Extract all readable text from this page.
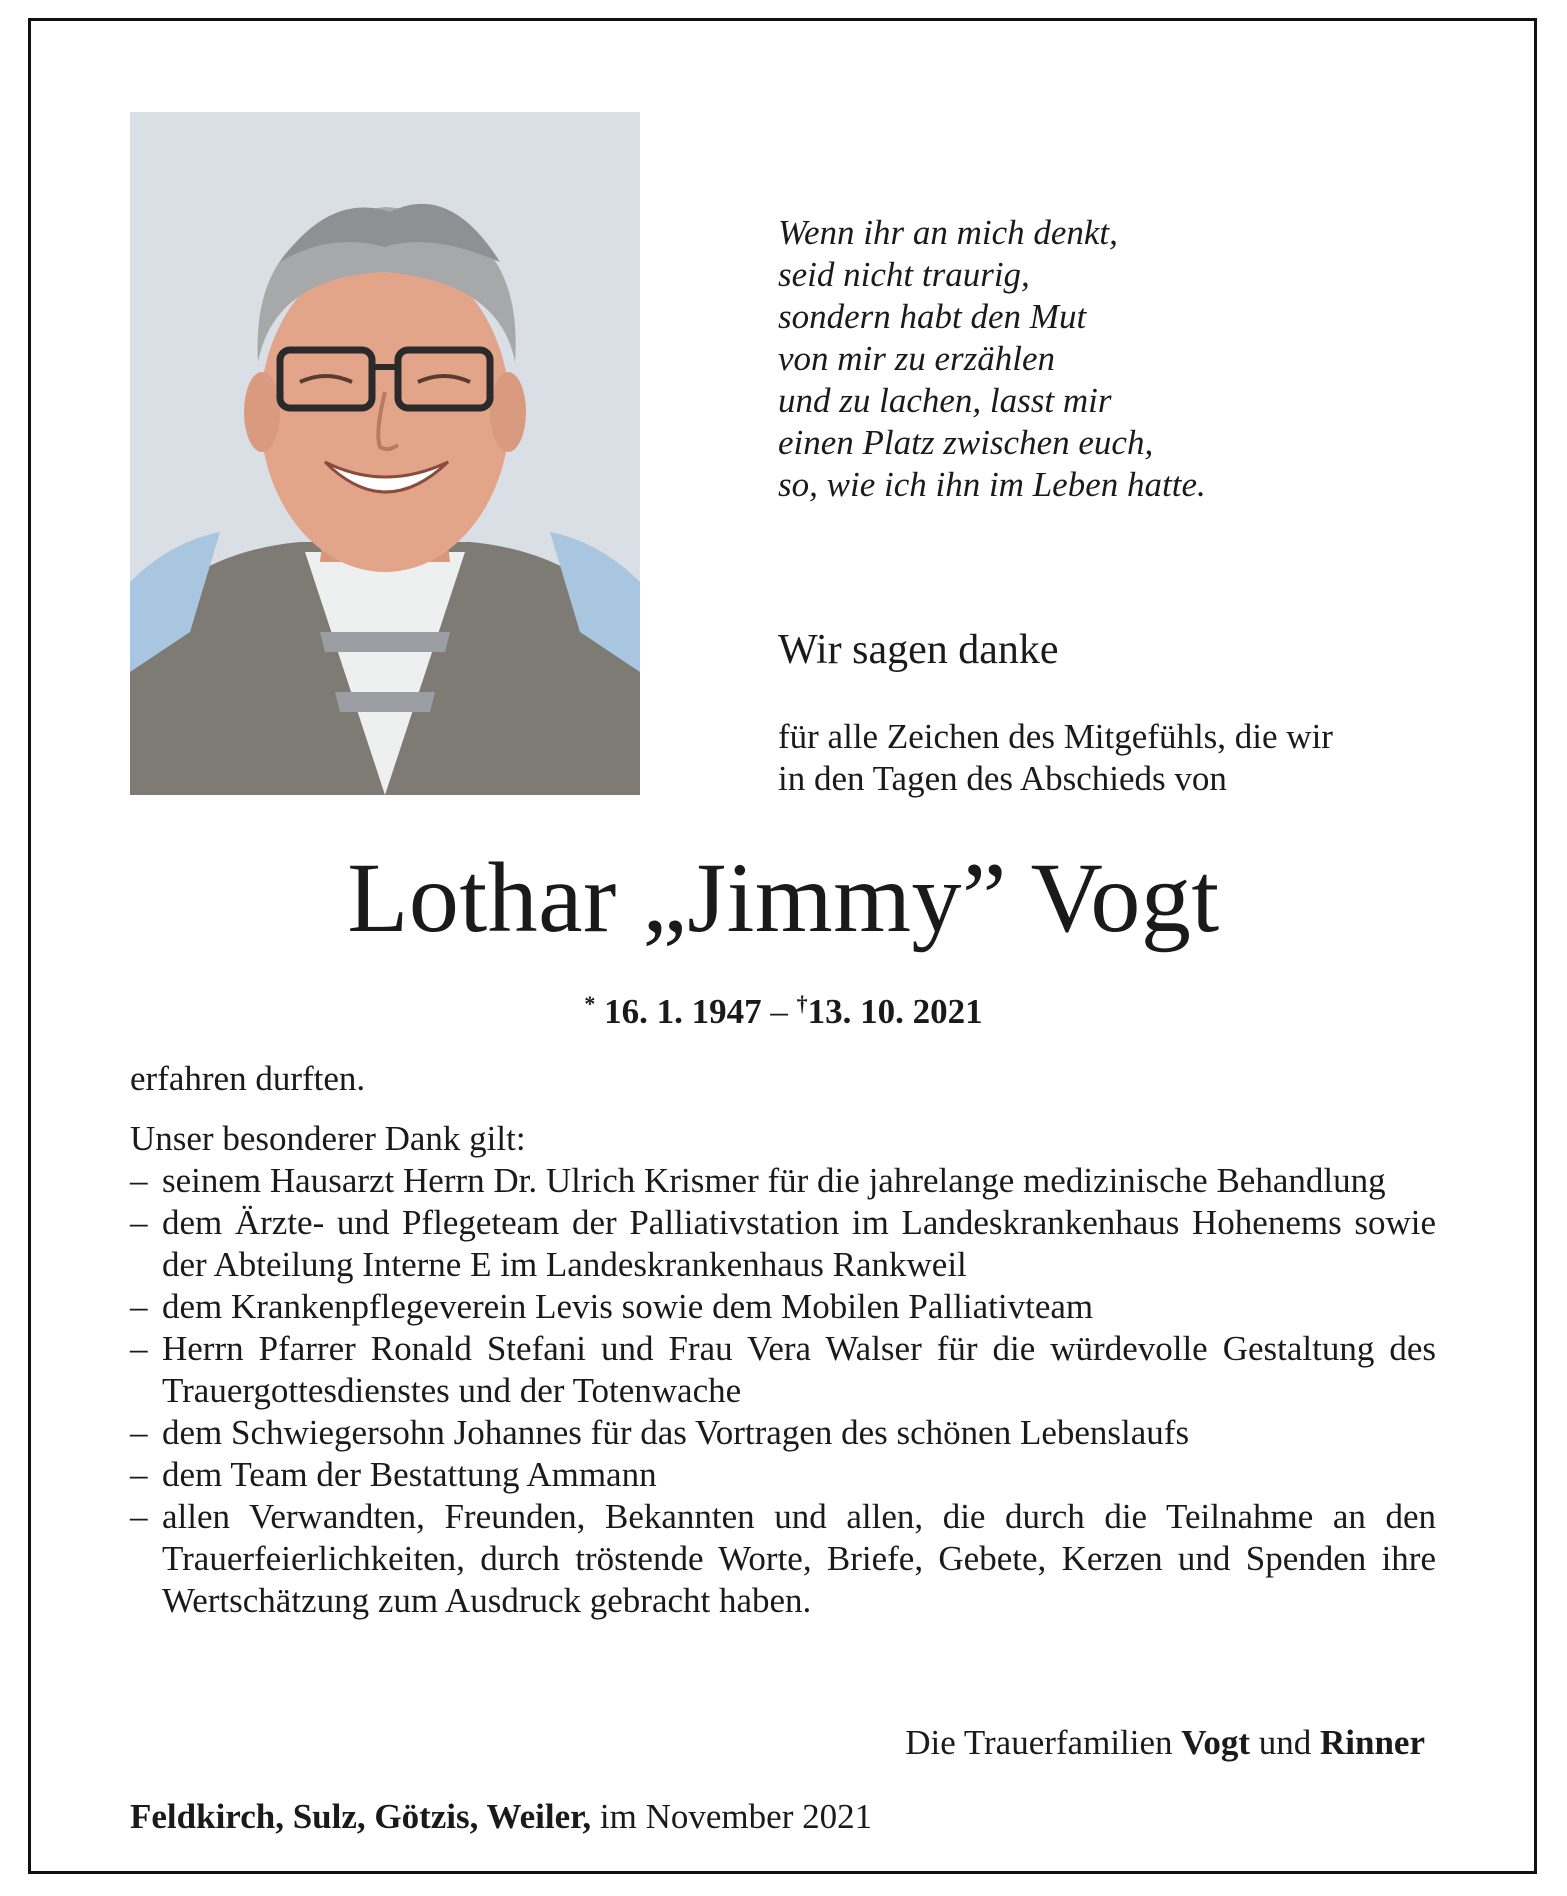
Wenn ihr an mich denkt,
seid nicht traurig,
sondern habt den Mut
von mir zu erzählen
und zu lachen, lasst mir
einen Platz zwischen euch,
so, wie ich ihn im Leben hatte.
Wir sagen danke
für alle Zeichen des Mitgefühls, die wir
in den Tagen des Abschieds von
Lothar „Jimmy” Vogt
* 16. 1. 1947 – †13. 10. 2021
erfahren durften.
Unser besonderer Dank gilt:
– seinem Hausarzt Herrn Dr. Ulrich Krismer für die jahrelange medizinische Behandlung
– dem Ärzte- und Pflegeteam der Palliativstation im Landeskrankenhaus Hohenems sowie der Abteilung Interne E im Landeskrankenhaus Rankweil
– dem Krankenpflegeverein Levis sowie dem Mobilen Palliativteam
– Herrn Pfarrer Ronald Stefani und Frau Vera Walser für die würdevolle Gestaltung des Trauergottesdienstes und der Totenwache
– dem Schwiegersohn Johannes für das Vortragen des schönen Lebenslaufs
– dem Team der Bestattung Ammann
– allen Verwandten, Freunden, Bekannten und allen, die durch die Teilnahme an den Trauerfeierlichkeiten, durch tröstende Worte, Briefe, Gebete, Kerzen und Spenden ihre Wertschätzung zum Ausdruck gebracht haben.
Die Trauerfamilien Vogt und Rinner
Feldkirch, Sulz, Götzis, Weiler, im November 2021
